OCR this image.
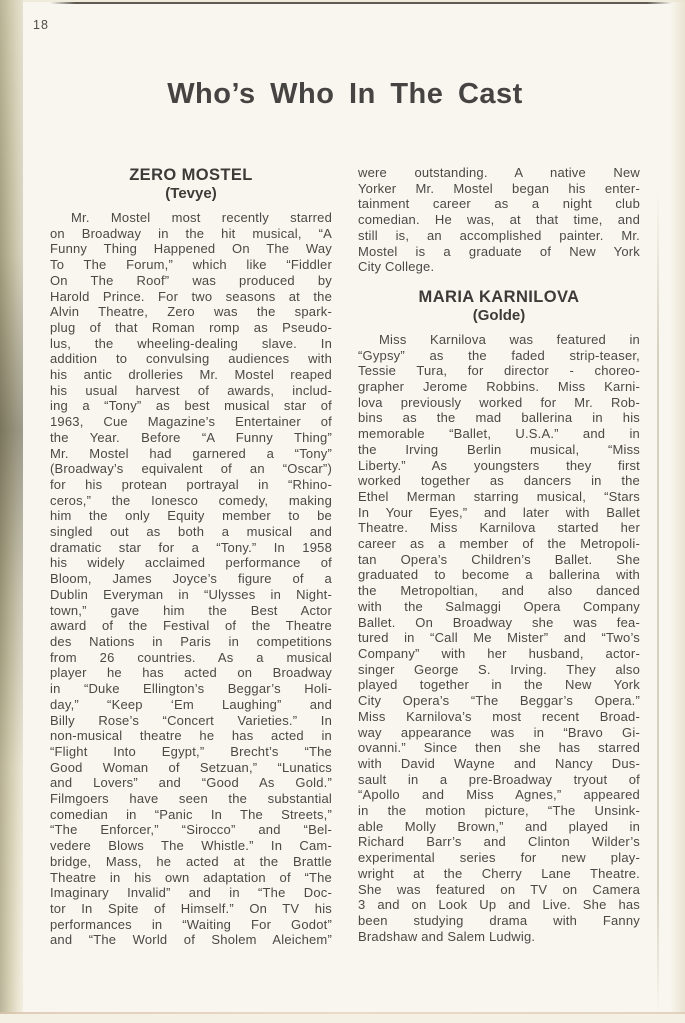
18
Who’s Who In The Cast
ZERO MOSTEL
(Tevye)
Mr. Mostel most recently starred
on Broadway in the hit musical, “A
Funny Thing Happened On The Way
To The Forum,” which like “Fiddler
On The Roof” was produced by
Harold Prince. For two seasons at the
Alvin Theatre, Zero was the spark-
plug of that Roman romp as Pseudo-
lus, the wheeling-dealing slave. In
addition to convulsing audiences with
his antic drolleries Mr. Mostel reaped
his usual harvest of awards, includ-
ing a “Tony” as best musical star of
1963, Cue Magazine’s Entertainer of
the Year. Before “A Funny Thing”
Mr. Mostel had garnered a “Tony”
(Broadway’s equivalent of an “Oscar”)
for his protean portrayal in “Rhino-
ceros,” the Ionesco comedy, making
him the only Equity member to be
singled out as both a musical and
dramatic star for a “Tony.” In 1958
his widely acclaimed performance of
Bloom, James Joyce’s figure of a
Dublin Everyman in “Ulysses in Night-
town,” gave him the Best Actor
award of the Festival of the Theatre
des Nations in Paris in competitions
from 26 countries. As a musical
player he has acted on Broadway
in “Duke Ellington’s Beggar’s Holi-
day,” “Keep ‘Em Laughing” and
Billy Rose’s “Concert Varieties.” In
non-musical theatre he has acted in
“Flight Into Egypt,” Brecht’s “The
Good Woman of Setzuan,” “Lunatics
and Lovers” and “Good As Gold.”
Filmgoers have seen the substantial
comedian in “Panic In The Streets,”
“The Enforcer,” “Sirocco” and “Bel-
vedere Blows The Whistle.” In Cam-
bridge, Mass, he acted at the Brattle
Theatre in his own adaptation of “The
Imaginary Invalid” and in “The Doc-
tor In Spite of Himself.” On TV his
performances in “Waiting For Godot”
and “The World of Sholem Aleichem”
were outstanding. A native New
Yorker Mr. Mostel began his enter-
tainment career as a night club
comedian. He was, at that time, and
still is, an accomplished painter. Mr.
Mostel is a graduate of New York
City College.
MARIA KARNILOVA
(Golde)
Miss Karnilova was featured in
“Gypsy” as the faded strip-teaser,
Tessie Tura, for director - choreo-
grapher Jerome Robbins. Miss Karni-
lova previously worked for Mr. Rob-
bins as the mad ballerina in his
memorable “Ballet, U.S.A.” and in
the Irving Berlin musical, “Miss
Liberty.” As youngsters they first
worked together as dancers in the
Ethel Merman starring musical, “Stars
In Your Eyes,” and later with Ballet
Theatre. Miss Karnilova started her
career as a member of the Metropoli-
tan Opera’s Children’s Ballet. She
graduated to become a ballerina with
the Metropoltian, and also danced
with the Salmaggi Opera Company
Ballet. On Broadway she was fea-
tured in “Call Me Mister” and “Two’s
Company” with her husband, actor-
singer George S. Irving. They also
played together in the New York
City Opera’s “The Beggar’s Opera.”
Miss Karnilova’s most recent Broad-
way appearance was in “Bravo Gi-
ovanni.” Since then she has starred
with David Wayne and Nancy Dus-
sault in a pre-Broadway tryout of
“Apollo and Miss Agnes,” appeared
in the motion picture, “The Unsink-
able Molly Brown,” and played in
Richard Barr’s and Clinton Wilder’s
experimental series for new play-
wright at the Cherry Lane Theatre.
She was featured on TV on Camera
3 and on Look Up and Live. She has
been studying drama with Fanny
Bradshaw and Salem Ludwig.
